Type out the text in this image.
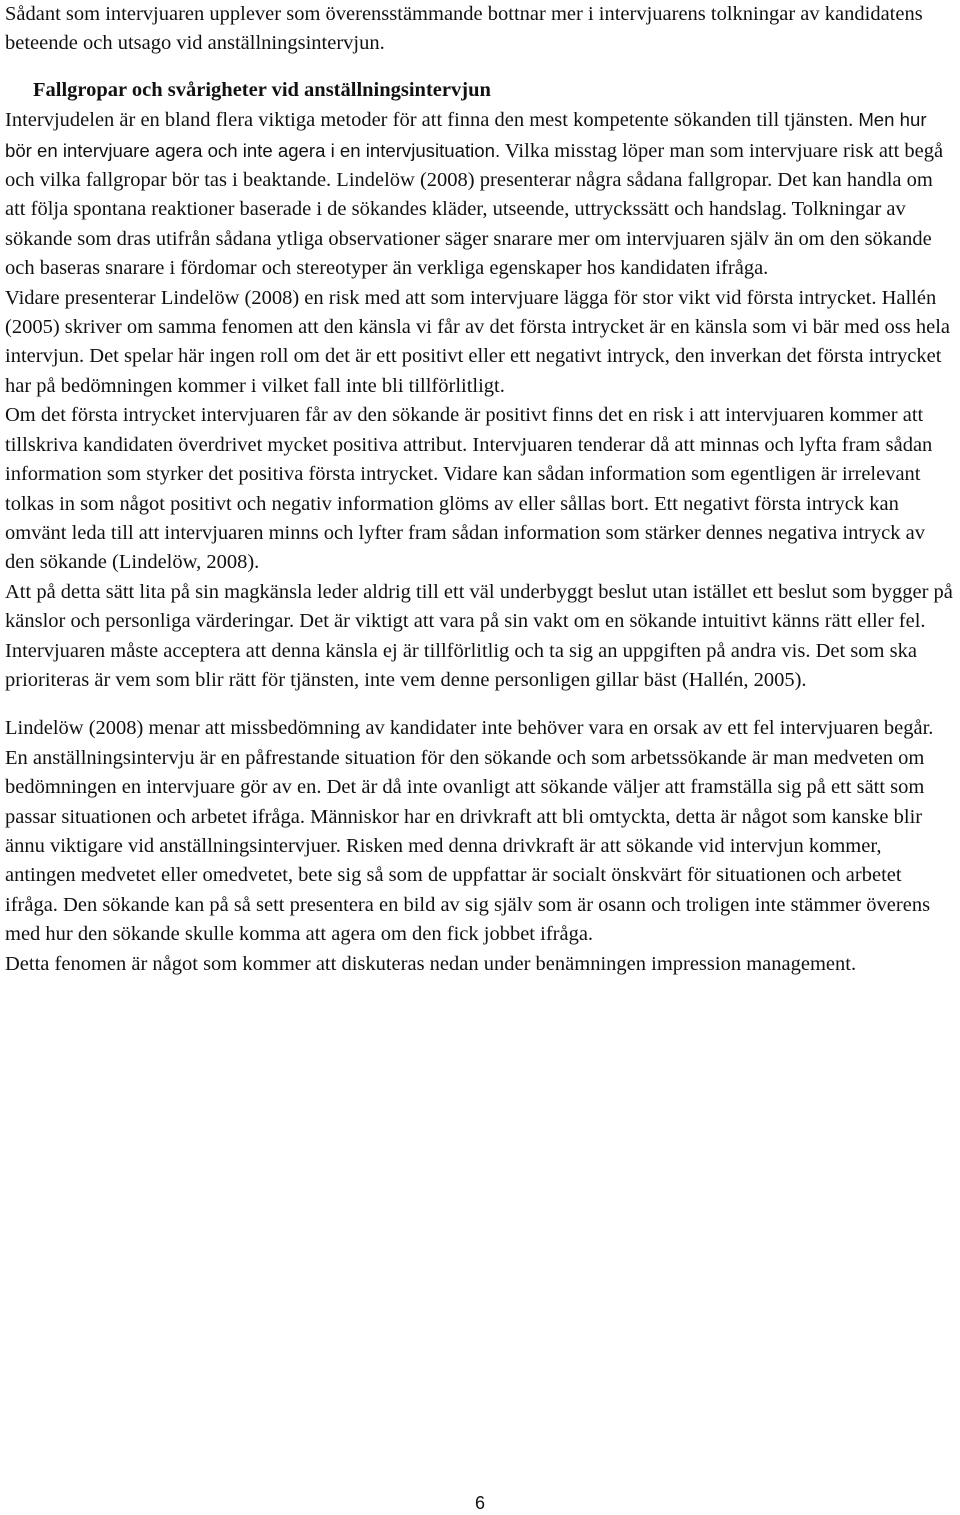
Sådant som intervjuaren upplever som överensstämmande bottnar mer i intervjuarens tolkningar av kandidatens beteende och utsago vid anställningsintervjun.

Fallgropar och svårigheter vid anställningsintervjun

Intervjudelen är en bland flera viktiga metoder för att finna den mest kompetente sökanden till tjänsten. Men hur bör en intervjuare agera och inte agera i en intervjusituation. Vilka misstag löper man som intervjuare risk att begå och vilka fallgropar bör tas i beaktande. Lindelöw (2008) presenterar några sådana fallgropar. Det kan handla om att följa spontana reaktioner baserade i de sökandes kläder, utseende, uttryckssätt och handslag. Tolkningar av sökande som dras utifrån sådana ytliga observationer säger snarare mer om intervjuaren själv än om den sökande och baseras snarare i fördomar och stereotyper än verkliga egenskaper hos kandidaten ifråga.

Vidare presenterar Lindelöw (2008) en risk med att som intervjuare lägga för stor vikt vid första intrycket. Hallén (2005) skriver om samma fenomen att den känsla vi får av det första intrycket är en känsla som vi bär med oss hela intervjun. Det spelar här ingen roll om det är ett positivt eller ett negativt intryck, den inverkan det första intrycket har på bedömningen kommer i vilket fall inte bli tillförlitligt.

Om det första intrycket intervjuaren får av den sökande är positivt finns det en risk i att intervjuaren kommer att tillskriva kandidaten överdrivet mycket positiva attribut. Intervjuaren tenderar då att minnas och lyfta fram sådan information som styrker det positiva första intrycket. Vidare kan sådan information som egentligen är irrelevant tolkas in som något positivt och negativ information glöms av eller sållas bort. Ett negativt första intryck kan omvänt leda till att intervjuaren minns och lyfter fram sådan information som stärker dennes negativa intryck av den sökande (Lindelöw, 2008).

Att på detta sätt lita på sin magkänsla leder aldrig till ett väl underbyggt beslut utan istället ett beslut som bygger på känslor och personliga värderingar. Det är viktigt att vara på sin vakt om en sökande intuitivt känns rätt eller fel. Intervjuaren måste acceptera att denna känsla ej är tillförlitlig och ta sig an uppgiften på andra vis. Det som ska prioriteras är vem som blir rätt för tjänsten, inte vem denne personligen gillar bäst (Hallén, 2005).

Lindelöw (2008) menar att missbedömning av kandidater inte behöver vara en orsak av ett fel intervjuaren begår. En anställningsintervju är en påfrestande situation för den sökande och som arbetssökande är man medveten om bedömningen en intervjuare gör av en. Det är då inte ovanligt att sökande väljer att framställa sig på ett sätt som passar situationen och arbetet ifråga. Människor har en drivkraft att bli omtyckta, detta är något som kanske blir ännu viktigare vid anställningsintervjuer. Risken med denna drivkraft är att sökande vid intervjun kommer, antingen medvetet eller omedvetet, bete sig så som de uppfattar är socialt önskvärt för situationen och arbetet ifråga. Den sökande kan på så sett presentera en bild av sig själv som är osann och troligen inte stämmer överens med hur den sökande skulle komma att agera om den fick jobbet ifråga.

Detta fenomen är något som kommer att diskuteras nedan under benämningen impression management.

6
